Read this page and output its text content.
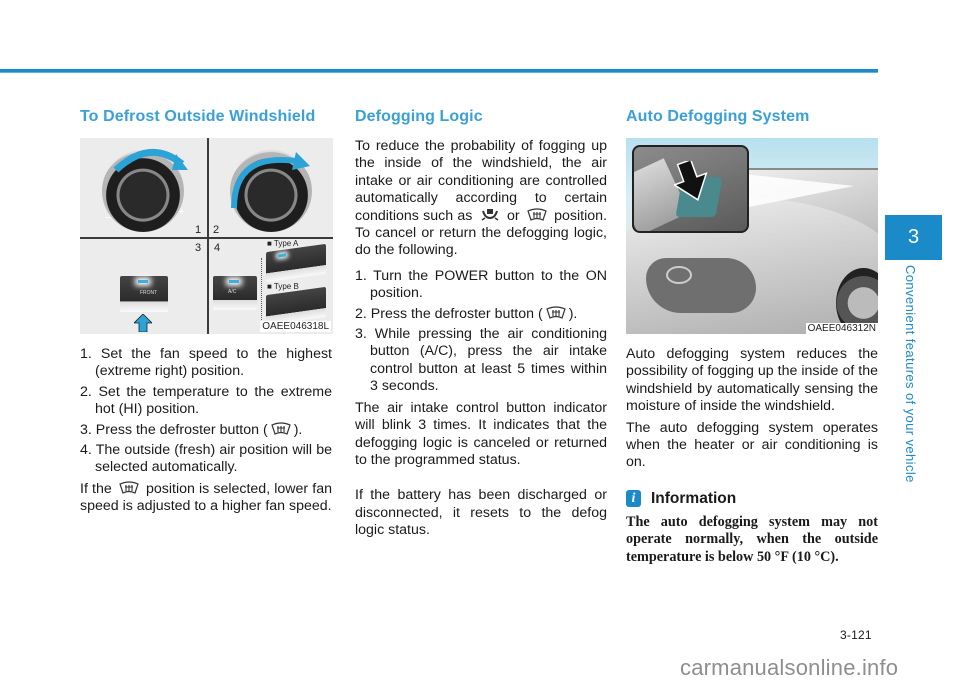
To Defrost Outside Windshield
−	+
1 2
3
FRONT
4
A/C
■ Type A
■ Type B
OAEE046318L
1. Set the fan speed to the highest (extreme right) position.
2. Set the temperature to the extreme hot (HI) position.
3. Press the defroster button ( ).
4. The outside (fresh) air position will be selected automatically.

If the position is selected, lower fan speed is adjusted to a higher fan speed.

Defogging Logic

To reduce the probability of fogging up the inside of the windshield, the air intake or air conditioning are controlled automatically according to certain conditions such as or position. To cancel or return the defogging logic, do the following.

1. Turn the POWER button to the ON position.
2. Press the defroster button ( ).
3. While pressing the air conditioning button (A/C), press the air intake control button at least 5 times within 3 seconds.

The air intake control button indicator will blink 3 times. It indicates that the defogging logic is canceled or returned to the programmed status.

If the battery has been discharged or disconnected, it resets to the defog logic status.

Auto Defogging System
OAEE046312N

Auto defogging system reduces the possibility of fogging up the inside of the windshield by automatically sensing the moisture of inside the windshield.

The auto defogging system operates when the heater or air conditioning is on.

i	Information

The auto defogging system may not operate normally, when the outside temperature is below 50 °F (10 °C).

3
Convenient features of your vehicle
3-121
carmanualsonline.info
